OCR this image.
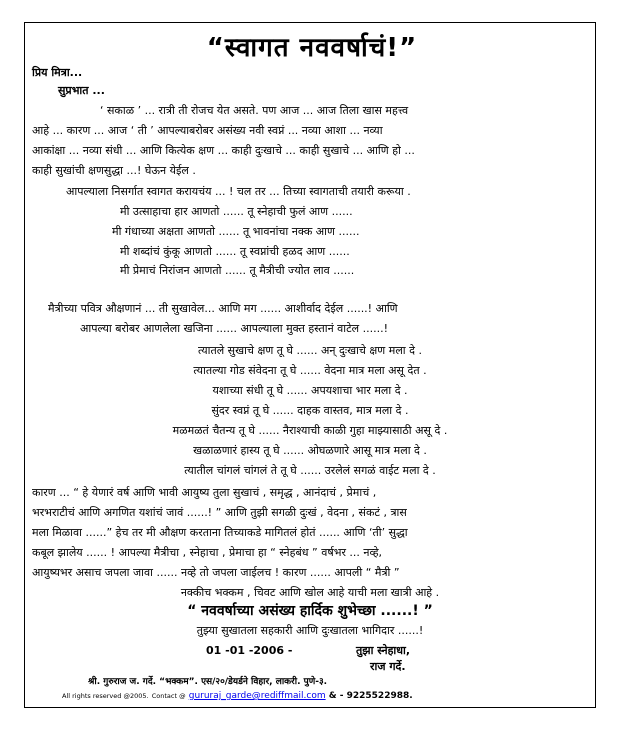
“स्वागत नववर्षाचं!”
प्रिय मित्रा...
सुप्रभात ...
‘ सकाळ ’ ... रात्री ती रोजच येत असते. पण आज ... आज तिला खास महत्त्व
आहे ... कारण ... आज ‘ ती ’ आपल्याबरोबर असंख्य नवी स्वप्नं ... नव्या आशा ... नव्या
आकांक्षा ... नव्या संधी ... आणि कित्येक क्षण ... काही दुःखाचे ... काही सुखाचे ... आणि हो ...
काही सुखांची क्षणसुद्धा ...! घेऊन येईल .
आपल्याला निसर्गात स्वागत करायचंय ... ! चल तर ... तिच्या स्वागताची तयारी करूया .
मी उत्साहाचा हार आणतो ...... तू स्नेहाची फुलं आण ......
मी गंधाच्या अक्षता आणतो ...... तू भावनांचा नक्क आण ......
मी शब्दांचं कुंकू आणतो ...... तू स्वप्नांची हळद आण ......
मी प्रेमाचं निरांजन आणतो ...... तू मैत्रीची ज्योत लाव ......
मैत्रीच्या पवित्र औक्षणानं ... ती सुखावेल... आणि मग ...... आशीर्वाद देईल ......! आणि
आपल्या बरोबर आणलेला खजिना ...... आपल्याला मुक्त हस्तानं वाटेल ......!
त्यातले सुखाचे क्षण तू घे ...... अन् दुःखाचे क्षण मला दे .
त्यातल्या गोड संवेदना तू घे ...... वेदना मात्र मला असू देत .
यशाच्या संधी तू घे ...... अपयशाचा भार मला दे .
सुंदर स्वप्नं तू घे ...... दाहक वास्तव, मात्र मला दे .
मळमळतं चैतन्य तू घे ...... नैराश्याची काळी गुहा माझ्यासाठी असू दे .
खळाळणारं हास्य तू घे ...... ओघळणारे आसू मात्र मला दे .
त्यातील चांगलं चांगलं ते तू घे ...... उरलेलं सगळं वाईट मला दे .
कारण ... “ हे येणारं वर्ष आणि भावी आयुष्य तुला सुखाचं , समृद्ध , आनंदाचं , प्रेमाचं ,
भरभराटीचं आणि अगणित यशांचं जावं ......! ” आणि तुझी सगळी दुःखं , वेदना , संकटं , त्रास
मला मिळावा ......” हेच तर मी औक्षण करताना तिच्याकडे मागितलं होतं ...... आणि ‘ती’ सुद्धा
कबूल झालेय ...... ! आपल्या मैत्रीचा , स्नेहाचा , प्रेमाचा हा “ स्नेहबंध ” वर्षभर ... नव्हे,
आयुष्यभर असाच जपला जावा ...... नव्हे तो जपला जाईलच ! कारण ...... आपली “ मैत्री ”
नक्कीच भक्कम , चिवट आणि खोल आहे याची मला खात्री आहे .
“ नववर्षाच्या असंख्य हार्दिक शुभेच्छा ......! ”
तुझ्या सुखातला सहकारी आणि दुःखातला भागिदार ......!
01 -01 -2006 -	तुझा स्नेहाधा,
राज गर्दे.
श्री. गुरुराज ज. गर्दे. “भक्कम”. एस/२०/डेयर्डने विहार, लाकरी. पुणे-३.
All rights reserved @2005. Contact @ gururaj_garde@rediffmail.com & - 9225522988.
